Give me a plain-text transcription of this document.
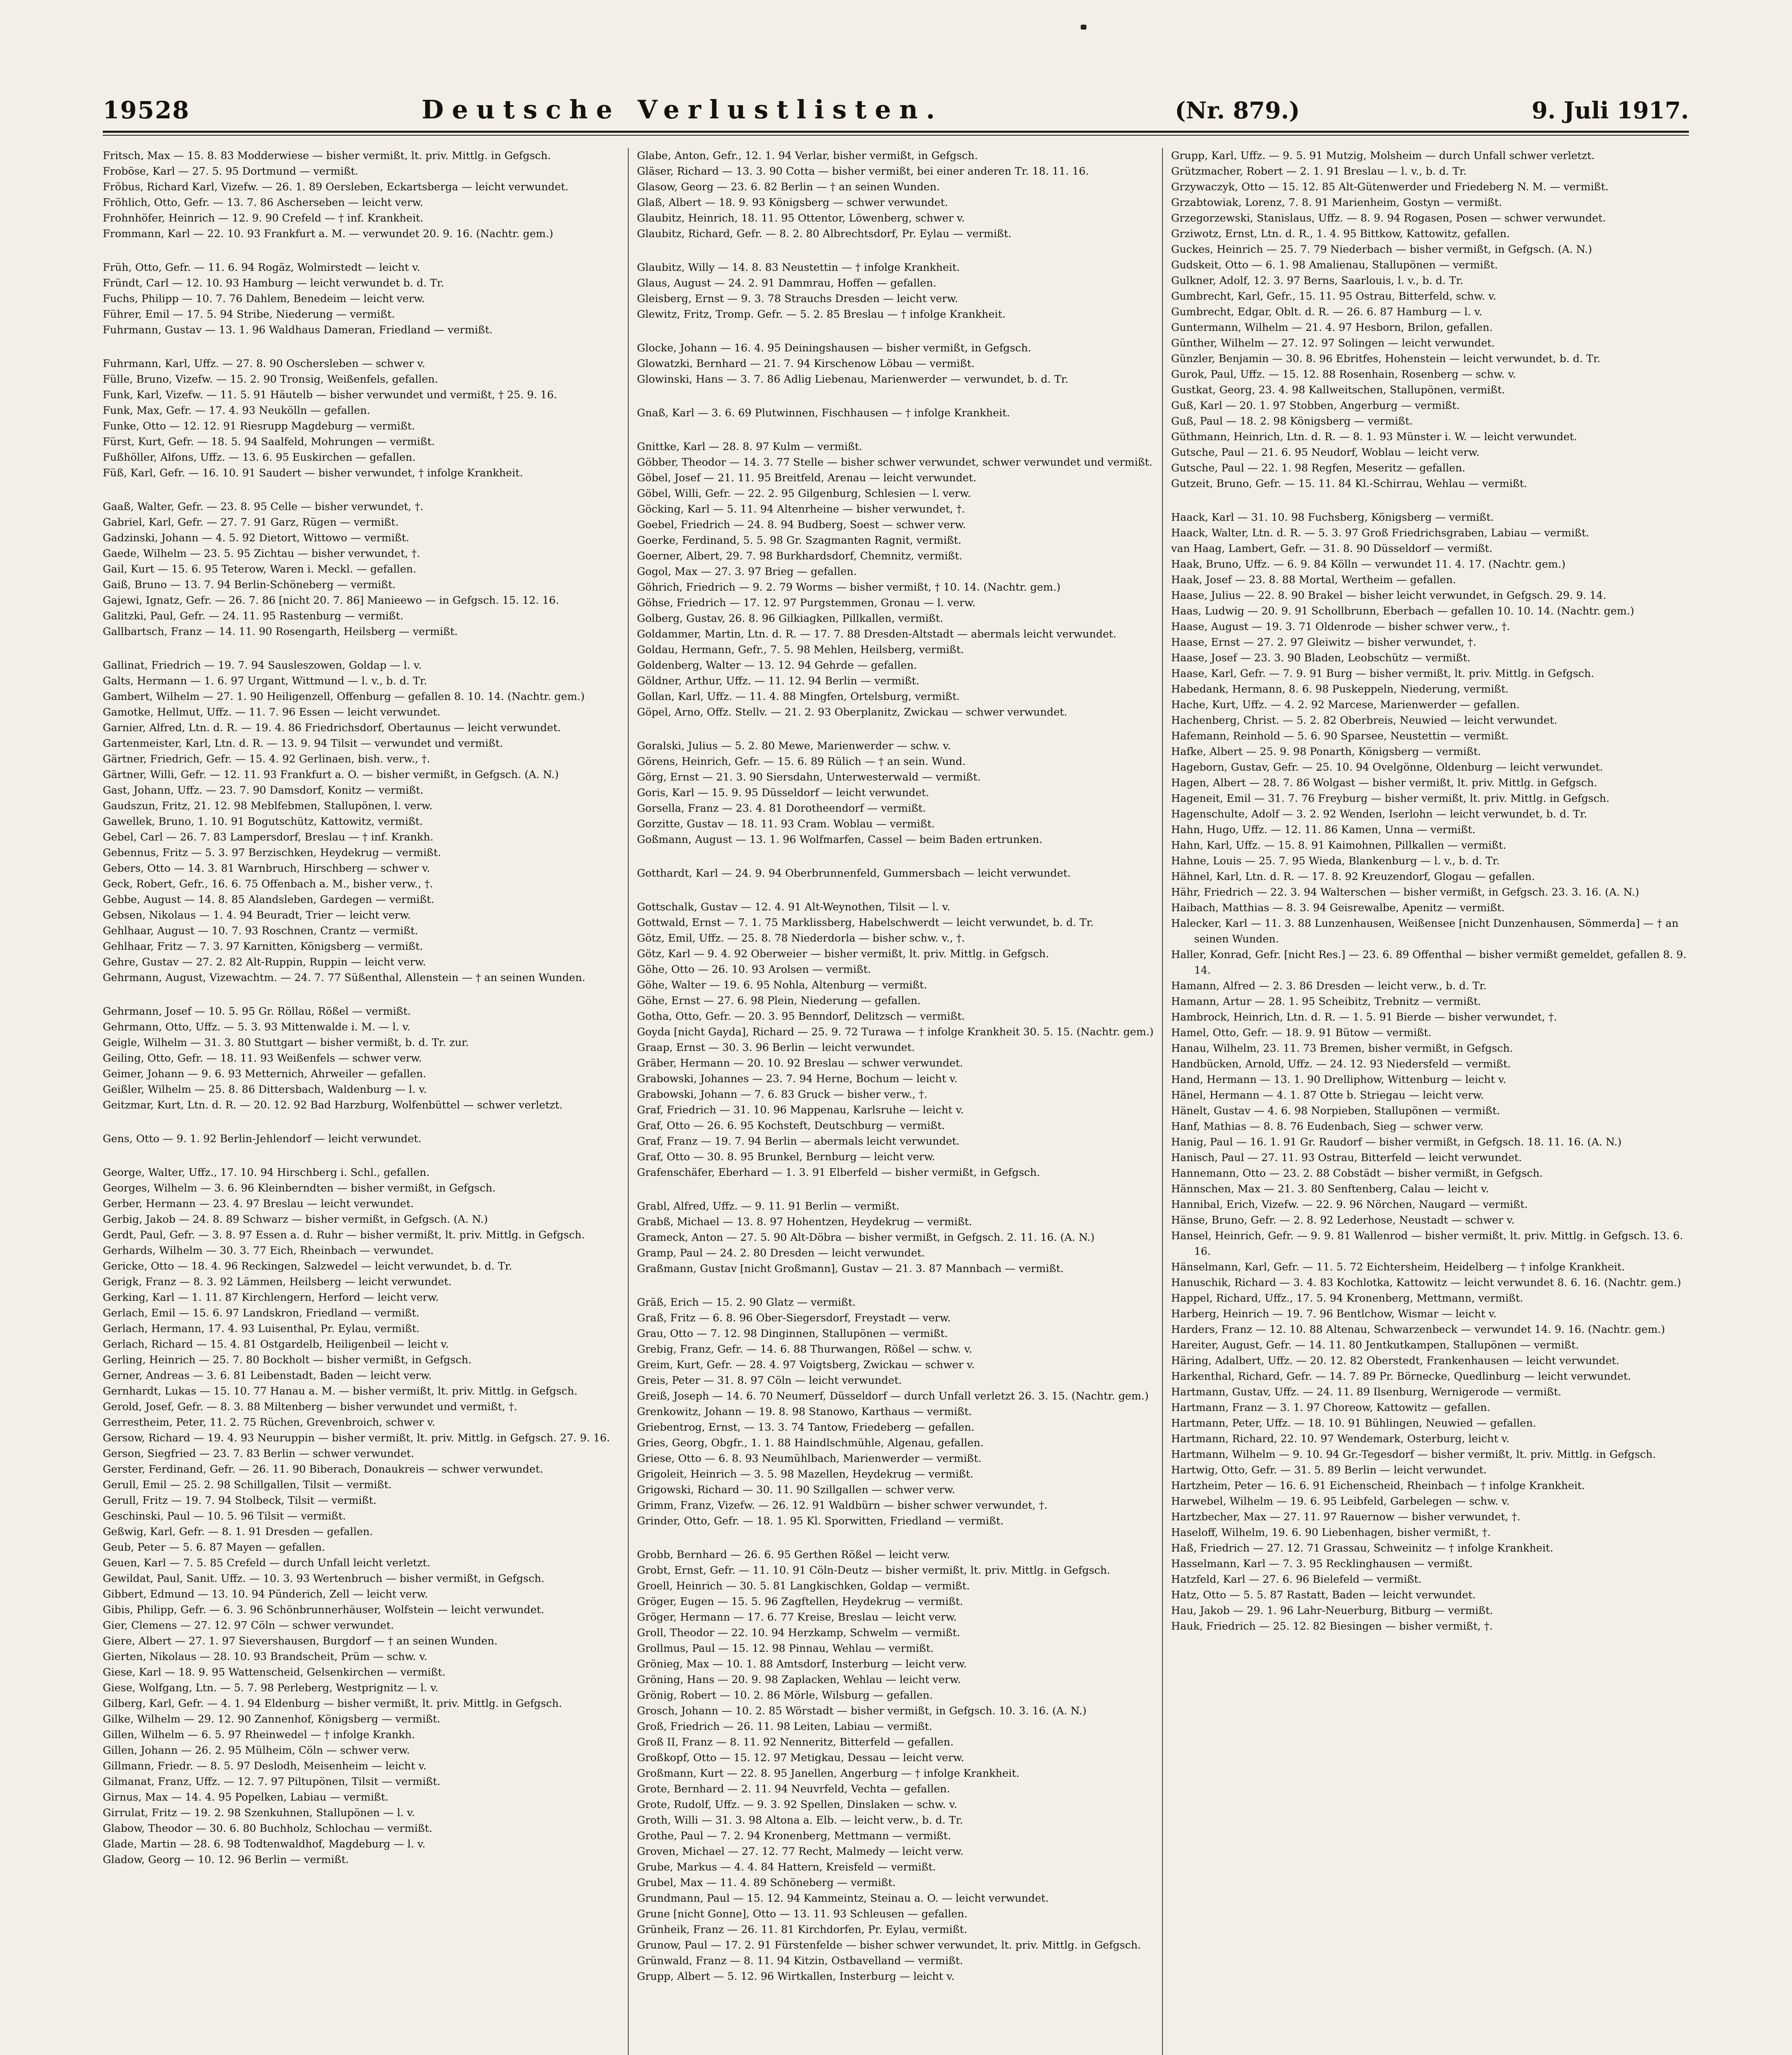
19528	Deutsche Verlustlisten.	(Nr. 879.)	9. Juli 1917.

Fritsch, Max — 15. 8. 83 Modderwiese — bisher vermißt, lt. priv. Mittlg. in Gefgsch.

Froböse, Karl — 27. 5. 95 Dortmund — vermißt.

Fröbus, Richard Karl, Vizefw. — 26. 1. 89 Oersleben, Eckartsberga — leicht verwundet.

Fröhlich, Otto, Gefr. — 13. 7. 86 Ascherseben — leicht verw.

Frohnhöfer, Heinrich — 12. 9. 90 Crefeld — † inf. Krankheit.

Frommann, Karl — 22. 10. 93 Frankfurt a. M. — verwundet 20. 9. 16. (Nachtr. gem.)

Früh, Otto, Gefr. — 11. 6. 94 Rogäz, Wolmirstedt — leicht v.

Fründt, Carl — 12. 10. 93 Hamburg — leicht verwundet b. d. Tr.

Fuchs, Philipp — 10. 7. 76 Dahlem, Benedeim — leicht verw.

Führer, Emil — 17. 5. 94 Stribe, Niederung — vermißt.

Fuhrmann, Gustav — 13. 1. 96 Waldhaus Dameran, Friedland — vermißt.

Fuhrmann, Karl, Uffz. — 27. 8. 90 Oschersleben — schwer v.

Fülle, Bruno, Vizefw. — 15. 2. 90 Tronsig, Weißenfels, gefallen.

Funk, Karl, Vizefw. — 11. 5. 91 Häutelb — bisher verwundet und vermißt, † 25. 9. 16.

Funk, Max, Gefr. — 17. 4. 93 Neukölln — gefallen.

Funke, Otto — 12. 12. 91 Riesrupp Magdeburg — vermißt.

Fürst, Kurt, Gefr. — 18. 5. 94 Saalfeld, Mohrungen — vermißt.

Fußhöller, Alfons, Uffz. — 13. 6. 95 Euskirchen — gefallen.

Füß, Karl, Gefr. — 16. 10. 91 Saudert — bisher verwundet, † infolge Krankheit.

Gaaß, Walter, Gefr. — 23. 8. 95 Celle — bisher verwundet, †.

Gabriel, Karl, Gefr. — 27. 7. 91 Garz, Rügen — vermißt.

Gadzinski, Johann — 4. 5. 92 Dietort, Wittowo — vermißt.

Gaede, Wilhelm — 23. 5. 95 Zichtau — bisher verwundet, †.

Gail, Kurt — 15. 6. 95 Teterow, Waren i. Meckl. — gefallen.

Gaiß, Bruno — 13. 7. 94 Berlin-Schöneberg — vermißt.

Gajewi, Ignatz, Gefr. — 26. 7. 86 [nicht 20. 7. 86] Manieewo — in Gefgsch. 15. 12. 16.

Galitzki, Paul, Gefr. — 24. 11. 95 Rastenburg — vermißt.

Gallbartsch, Franz — 14. 11. 90 Rosengarth, Heilsberg — vermißt.

Gallinat, Friedrich — 19. 7. 94 Sausleszowen, Goldap — l. v.

Galts, Hermann — 1. 6. 97 Urgant, Wittmund — l. v., b. d. Tr.

Gambert, Wilhelm — 27. 1. 90 Heiligenzell, Offenburg — gefallen 8. 10. 14. (Nachtr. gem.)

Gamotke, Hellmut, Uffz. — 11. 7. 96 Essen — leicht verwundet.

Garnier, Alfred, Ltn. d. R. — 19. 4. 86 Friedrichsdorf, Obertaunus — leicht verwundet.

Gartenmeister, Karl, Ltn. d. R. — 13. 9. 94 Tilsit — verwundet und vermißt.

Gärtner, Friedrich, Gefr. — 15. 4. 92 Gerlinaen, bish. verw., †.

Gärtner, Willi, Gefr. — 12. 11. 93 Frankfurt a. O. — bisher vermißt, in Gefgsch. (A. N.)

Gast, Johann, Uffz. — 23. 7. 90 Damsdorf, Konitz — vermißt.

Gaudszun, Fritz, 21. 12. 98 Meblfebmen, Stallupönen, l. verw.

Gawellek, Bruno, 1. 10. 91 Bogutschütz, Kattowitz, vermißt.

Gebel, Carl — 26. 7. 83 Lampersdorf, Breslau — † inf. Krankh.

Gebennus, Fritz — 5. 3. 97 Berzischken, Heydekrug — vermißt.

Gebers, Otto — 14. 3. 81 Warnbruch, Hirschberg — schwer v.

Geck, Robert, Gefr., 16. 6. 75 Offenbach a. M., bisher verw., †.

Gebbe, August — 14. 8. 85 Alandsleben, Gardegen — vermißt.

Gebsen, Nikolaus — 1. 4. 94 Beuradt, Trier — leicht verw.

Gehlhaar, August — 10. 7. 93 Roschnen, Crantz — vermißt.

Gehlhaar, Fritz — 7. 3. 97 Karnitten, Königsberg — vermißt.

Gehre, Gustav — 27. 2. 82 Alt-Ruppin, Ruppin — leicht verw.

Gehrmann, August, Vizewachtm. — 24. 7. 77 Süßenthal, Allenstein — † an seinen Wunden.

Gehrmann, Josef — 10. 5. 95 Gr. Röllau, Rößel — vermißt.

Gehrmann, Otto, Uffz. — 5. 3. 93 Mittenwalde i. M. — l. v.

Geigle, Wilhelm — 31. 3. 80 Stuttgart — bisher vermißt, b. d. Tr. zur.

Geiling, Otto, Gefr. — 18. 11. 93 Weißenfels — schwer verw.

Geimer, Johann — 9. 6. 93 Metternich, Ahrweiler — gefallen.

Geißler, Wilhelm — 25. 8. 86 Dittersbach, Waldenburg — l. v.

Geitzmar, Kurt, Ltn. d. R. — 20. 12. 92 Bad Harzburg, Wolfenbüttel — schwer verletzt.

Gens, Otto — 9. 1. 92 Berlin-Jehlendorf — leicht verwundet.

George, Walter, Uffz., 17. 10. 94 Hirschberg i. Schl., gefallen.

Georges, Wilhelm — 3. 6. 96 Kleinberndten — bisher vermißt, in Gefgsch.

Gerber, Hermann — 23. 4. 97 Breslau — leicht verwundet.

Gerbig, Jakob — 24. 8. 89 Schwarz — bisher vermißt, in Gefgsch. (A. N.)

Gerdt, Paul, Gefr. — 3. 8. 97 Essen a. d. Ruhr — bisher vermißt, lt. priv. Mittlg. in Gefgsch.

Gerhards, Wilhelm — 30. 3. 77 Eich, Rheinbach — verwundet.

Gericke, Otto — 18. 4. 96 Reckingen, Salzwedel — leicht verwundet, b. d. Tr.

Gerigk, Franz — 8. 3. 92 Lämmen, Heilsberg — leicht verwundet.

Gerking, Karl — 1. 11. 87 Kirchlengern, Herford — leicht verw.

Gerlach, Emil — 15. 6. 97 Landskron, Friedland — vermißt.

Gerlach, Hermann, 17. 4. 93 Luisenthal, Pr. Eylau, vermißt.

Gerlach, Richard — 15. 4. 81 Ostgardelb, Heiligenbeil — leicht v.

Gerling, Heinrich — 25. 7. 80 Bockholt — bisher vermißt, in Gefgsch.

Gerner, Andreas — 3. 6. 81 Leibenstadt, Baden — leicht verw.

Gernhardt, Lukas — 15. 10. 77 Hanau a. M. — bisher vermißt, lt. priv. Mittlg. in Gefgsch.

Gerold, Josef, Gefr. — 8. 3. 88 Miltenberg — bisher verwundet und vermißt, †.

Gerrestheim, Peter, 11. 2. 75 Rüchen, Grevenbroich, schwer v.

Gersow, Richard — 19. 4. 93 Neuruppin — bisher vermißt, lt. priv. Mittlg. in Gefgsch. 27. 9. 16.

Gerson, Siegfried — 23. 7. 83 Berlin — schwer verwundet.

Gerster, Ferdinand, Gefr. — 26. 11. 90 Biberach, Donaukreis — schwer verwundet.

Gerull, Emil — 25. 2. 98 Schillgallen, Tilsit — vermißt.

Gerull, Fritz — 19. 7. 94 Stolbeck, Tilsit — vermißt.

Geschinski, Paul — 10. 5. 96 Tilsit — vermißt.

Geßwig, Karl, Gefr. — 8. 1. 91 Dresden — gefallen.

Geub, Peter — 5. 6. 87 Mayen — gefallen.

Geuen, Karl — 7. 5. 85 Crefeld — durch Unfall leicht verletzt.

Gewildat, Paul, Sanit. Uffz. — 10. 3. 93 Wertenbruch — bisher vermißt, in Gefgsch.

Gibbert, Edmund — 13. 10. 94 Pünderich, Zell — leicht verw.

Gibis, Philipp, Gefr. — 6. 3. 96 Schönbrunnerhäuser, Wolfstein — leicht verwundet.

Gier, Clemens — 27. 12. 97 Cöln — schwer verwundet.

Giere, Albert — 27. 1. 97 Sievershausen, Burgdorf — † an seinen Wunden.

Gierten, Nikolaus — 28. 10. 93 Brandscheit, Prüm — schw. v.

Giese, Karl — 18. 9. 95 Wattenscheid, Gelsenkirchen — vermißt.

Giese, Wolfgang, Ltn. — 5. 7. 98 Perleberg, Westprignitz — l. v.

Gilberg, Karl, Gefr. — 4. 1. 94 Eldenburg — bisher vermißt, lt. priv. Mittlg. in Gefgsch.

Gilke, Wilhelm — 29. 12. 90 Zannenhof, Königsberg — vermißt.

Gillen, Wilhelm — 6. 5. 97 Rheinwedel — † infolge Krankh.

Gillen, Johann — 26. 2. 95 Mülheim, Cöln — schwer verw.

Gillmann, Friedr. — 8. 5. 97 Deslodh, Meisenheim — leicht v.

Gilmanat, Franz, Uffz. — 12. 7. 97 Piltupönen, Tilsit — vermißt.

Girnus, Max — 14. 4. 95 Popelken, Labiau — vermißt.

Girrulat, Fritz — 19. 2. 98 Szenkuhnen, Stallupönen — l. v.

Glabow, Theodor — 30. 6. 80 Buchholz, Schlochau — vermißt.

Glade, Martin — 28. 6. 98 Todtenwaldhof, Magdeburg — l. v.

Gladow, Georg — 10. 12. 96 Berlin — vermißt.

Glabe, Anton, Gefr., 12. 1. 94 Verlar, bisher vermißt, in Gefgsch.

Gläser, Richard — 13. 3. 90 Cotta — bisher vermißt, bei einer anderen Tr. 18. 11. 16.

Glasow, Georg — 23. 6. 82 Berlin — † an seinen Wunden.

Glaß, Albert — 18. 9. 93 Königsberg — schwer verwundet.

Glaubitz, Heinrich, 18. 11. 95 Ottentor, Löwenberg, schwer v.

Glaubitz, Richard, Gefr. — 8. 2. 80 Albrechtsdorf, Pr. Eylau — vermißt.

Glaubitz, Willy — 14. 8. 83 Neustettin — † infolge Krankheit.

Glaus, August — 24. 2. 91 Dammrau, Hoffen — gefallen.

Gleisberg, Ernst — 9. 3. 78 Strauchs Dresden — leicht verw.

Glewitz, Fritz, Tromp. Gefr. — 5. 2. 85 Breslau — † infolge Krankheit.

Glocke, Johann — 16. 4. 95 Deiningshausen — bisher vermißt, in Gefgsch.

Glowatzki, Bernhard — 21. 7. 94 Kirschenow Löbau — vermißt.

Glowinski, Hans — 3. 7. 86 Adlig Liebenau, Marienwerder — verwundet, b. d. Tr.

Gnaß, Karl — 3. 6. 69 Plutwinnen, Fischhausen — † infolge Krankheit.

Gnittke, Karl — 28. 8. 97 Kulm — vermißt.

Göbber, Theodor — 14. 3. 77 Stelle — bisher schwer verwundet, schwer verwundet und vermißt.

Göbel, Josef — 21. 11. 95 Breitfeld, Arenau — leicht verwundet.

Göbel, Willi, Gefr. — 22. 2. 95 Gilgenburg, Schlesien — l. verw.

Göcking, Karl — 5. 11. 94 Altenrheine — bisher verwundet, †.

Goebel, Friedrich — 24. 8. 94 Budberg, Soest — schwer verw.

Goerke, Ferdinand, 5. 5. 98 Gr. Szagmanten Ragnit, vermißt.

Goerner, Albert, 29. 7. 98 Burkhardsdorf, Chemnitz, vermißt.

Gogol, Max — 27. 3. 97 Brieg — gefallen.

Göhrich, Friedrich — 9. 2. 79 Worms — bisher vermißt, † 10. 14. (Nachtr. gem.)

Göhse, Friedrich — 17. 12. 97 Purgstemmen, Gronau — l. verw.

Golberg, Gustav, 26. 8. 96 Gilkiagken, Pillkallen, vermißt.

Goldammer, Martin, Ltn. d. R. — 17. 7. 88 Dresden-Altstadt — abermals leicht verwundet.

Goldau, Hermann, Gefr., 7. 5. 98 Mehlen, Heilsberg, vermißt.

Goldenberg, Walter — 13. 12. 94 Gehrde — gefallen.

Göldner, Arthur, Uffz. — 11. 12. 94 Berlin — vermißt.

Gollan, Karl, Uffz. — 11. 4. 88 Mingfen, Ortelsburg, vermißt.

Göpel, Arno, Offz. Stellv. — 21. 2. 93 Oberplanitz, Zwickau — schwer verwundet.

Goralski, Julius — 5. 2. 80 Mewe, Marienwerder — schw. v.

Görens, Heinrich, Gefr. — 15. 6. 89 Rülich — † an sein. Wund.

Görg, Ernst — 21. 3. 90 Siersdahn, Unterwesterwald — vermißt.

Goris, Karl — 15. 9. 95 Düsseldorf — leicht verwundet.

Gorsella, Franz — 23. 4. 81 Dorotheendorf — vermißt.

Gorzitte, Gustav — 18. 11. 93 Cram. Woblau — vermißt.

Goßmann, August — 13. 1. 96 Wolfmarfen, Cassel — beim Baden ertrunken.

Gotthardt, Karl — 24. 9. 94 Oberbrunnenfeld, Gummersbach — leicht verwundet.

Gottschalk, Gustav — 12. 4. 91 Alt-Weynothen, Tilsit — l. v.

Gottwald, Ernst — 7. 1. 75 Marklissberg, Habelschwerdt — leicht verwundet, b. d. Tr.

Götz, Emil, Uffz. — 25. 8. 78 Niederdorla — bisher schw. v., †.

Götz, Karl — 9. 4. 92 Oberweier — bisher vermißt, lt. priv. Mittlg. in Gefgsch.

Göhe, Otto — 26. 10. 93 Arolsen — vermißt.

Göhe, Walter — 19. 6. 95 Nohla, Altenburg — vermißt.

Göhe, Ernst — 27. 6. 98 Plein, Niederung — gefallen.

Gotha, Otto, Gefr. — 20. 3. 95 Benndorf, Delitzsch — vermißt.

Goyda [nicht Gayda], Richard — 25. 9. 72 Turawa — † infolge Krankheit 30. 5. 15. (Nachtr. gem.)

Graap, Ernst — 30. 3. 96 Berlin — leicht verwundet.

Gräber, Hermann — 20. 10. 92 Breslau — schwer verwundet.

Grabowski, Johannes — 23. 7. 94 Herne, Bochum — leicht v.

Grabowski, Johann — 7. 6. 83 Gruck — bisher verw., †.

Graf, Friedrich — 31. 10. 96 Mappenau, Karlsruhe — leicht v.

Graf, Otto — 26. 6. 95 Kochsteft, Deutschburg — vermißt.

Graf, Franz — 19. 7. 94 Berlin — abermals leicht verwundet.

Graf, Otto — 30. 8. 95 Brunkel, Bernburg — leicht verw.

Grafenschäfer, Eberhard — 1. 3. 91 Elberfeld — bisher vermißt, in Gefgsch.

Grabl, Alfred, Uffz. — 9. 11. 91 Berlin — vermißt.

Grabß, Michael — 13. 8. 97 Hohentzen, Heydekrug — vermißt.

Grameck, Anton — 27. 5. 90 Alt-Döbra — bisher vermißt, in Gefgsch. 2. 11. 16. (A. N.)

Gramp, Paul — 24. 2. 80 Dresden — leicht verwundet.

Graßmann, Gustav [nicht Großmann], Gustav — 21. 3. 87 Mannbach — vermißt.

Gräß, Erich — 15. 2. 90 Glatz — vermißt.

Graß, Fritz — 6. 8. 96 Ober-Siegersdorf, Freystadt — verw.

Grau, Otto — 7. 12. 98 Dinginnen, Stallupönen — vermißt.

Grebig, Franz, Gefr. — 14. 6. 88 Thurwangen, Rößel — schw. v.

Greim, Kurt, Gefr. — 28. 4. 97 Voigtsberg, Zwickau — schwer v.

Greis, Peter — 31. 8. 97 Cöln — leicht verwundet.

Greiß, Joseph — 14. 6. 70 Neumerf, Düsseldorf — durch Unfall verletzt 26. 3. 15. (Nachtr. gem.)

Grenkowitz, Johann — 19. 8. 98 Stanowo, Karthaus — vermißt.

Griebentrog, Ernst, — 13. 3. 74 Tantow, Friedeberg — gefallen.

Gries, Georg, Obgfr., 1. 1. 88 Haindlschmühle, Algenau, gefallen.

Griese, Otto — 6. 8. 93 Neumühlbach, Marienwerder — vermißt.

Grigoleit, Heinrich — 3. 5. 98 Mazellen, Heydekrug — vermißt.

Grigowski, Richard — 30. 11. 90 Szillgallen — schwer verw.

Grimm, Franz, Vizefw. — 26. 12. 91 Waldbürn — bisher schwer verwundet, †.

Grinder, Otto, Gefr. — 18. 1. 95 Kl. Sporwitten, Friedland — vermißt.

Grobb, Bernhard — 26. 6. 95 Gerthen Rößel — leicht verw.

Grobt, Ernst, Gefr. — 11. 10. 91 Cöln-Deutz — bisher vermißt, lt. priv. Mittlg. in Gefgsch.

Groell, Heinrich — 30. 5. 81 Langkischken, Goldap — vermißt.

Gröger, Eugen — 15. 5. 96 Zagftellen, Heydekrug — vermißt.

Gröger, Hermann — 17. 6. 77 Kreise, Breslau — leicht verw.

Groll, Theodor — 22. 10. 94 Herzkamp, Schwelm — vermißt.

Grollmus, Paul — 15. 12. 98 Pinnau, Wehlau — vermißt.

Grönieg, Max — 10. 1. 88 Amtsdorf, Insterburg — leicht verw.

Gröning, Hans — 20. 9. 98 Zaplacken, Wehlau — leicht verw.

Grönig, Robert — 10. 2. 86 Mörle, Wilsburg — gefallen.

Grosch, Johann — 10. 2. 85 Wörstadt — bisher vermißt, in Gefgsch. 10. 3. 16. (A. N.)

Groß, Friedrich — 26. 11. 98 Leiten, Labiau — vermißt.

Groß II, Franz — 8. 11. 92 Nenneritz, Bitterfeld — gefallen.

Großkopf, Otto — 15. 12. 97 Metigkau, Dessau — leicht verw.

Großmann, Kurt — 22. 8. 95 Janellen, Angerburg — † infolge Krankheit.

Grote, Bernhard — 2. 11. 94 Neuvrfeld, Vechta — gefallen.

Grote, Rudolf, Uffz. — 9. 3. 92 Spellen, Dinslaken — schw. v.

Groth, Willi — 31. 3. 98 Altona a. Elb. — leicht verw., b. d. Tr.

Grothe, Paul — 7. 2. 94 Kronenberg, Mettmann — vermißt.

Groven, Michael — 27. 12. 77 Recht, Malmedy — leicht verw.

Grube, Markus — 4. 4. 84 Hattern, Kreisfeld — vermißt.

Grubel, Max — 11. 4. 89 Schöneberg — vermißt.

Grundmann, Paul — 15. 12. 94 Kammeintz, Steinau a. O. — leicht verwundet.

Grune [nicht Gonne], Otto — 13. 11. 93 Schleusen — gefallen.

Grünheik, Franz — 26. 11. 81 Kirchdorfen, Pr. Eylau, vermißt.

Grunow, Paul — 17. 2. 91 Fürstenfelde — bisher schwer verwundet, lt. priv. Mittlg. in Gefgsch.

Grünwald, Franz — 8. 11. 94 Kitzin, Ostbavelland — vermißt.

Grupp, Albert — 5. 12. 96 Wirtkallen, Insterburg — leicht v.

Grupp, Karl, Uffz. — 9. 5. 91 Mutzig, Molsheim — durch Unfall schwer verletzt.

Grützmacher, Robert — 2. 1. 91 Breslau — l. v., b. d. Tr.

Grzywaczyk, Otto — 15. 12. 85 Alt-Gütenwerder und Friedeberg N. M. — vermißt.

Grzabtowiak, Lorenz, 7. 8. 91 Marienheim, Gostyn — vermißt.

Grzegorzewski, Stanislaus, Uffz. — 8. 9. 94 Rogasen, Posen — schwer verwundet.

Grziwotz, Ernst, Ltn. d. R., 1. 4. 95 Bittkow, Kattowitz, gefallen.

Guckes, Heinrich — 25. 7. 79 Niederbach — bisher vermißt, in Gefgsch. (A. N.)

Gudskeit, Otto — 6. 1. 98 Amalienau, Stallupönen — vermißt.

Gulkner, Adolf, 12. 3. 97 Berns, Saarlouis, l. v., b. d. Tr.

Gumbrecht, Karl, Gefr., 15. 11. 95 Ostrau, Bitterfeld, schw. v.

Gumbrecht, Edgar, Oblt. d. R. — 26. 6. 87 Hamburg — l. v.

Guntermann, Wilhelm — 21. 4. 97 Hesborn, Brilon, gefallen.

Günther, Wilhelm — 27. 12. 97 Solingen — leicht verwundet.

Günzler, Benjamin — 30. 8. 96 Ebritfes, Hohenstein — leicht verwundet, b. d. Tr.

Gurok, Paul, Uffz. — 15. 12. 88 Rosenhain, Rosenberg — schw. v.

Gustkat, Georg, 23. 4. 98 Kallweitschen, Stallupönen, vermißt.

Guß, Karl — 20. 1. 97 Stobben, Angerburg — vermißt.

Guß, Paul — 18. 2. 98 Königsberg — vermißt.

Güthmann, Heinrich, Ltn. d. R. — 8. 1. 93 Münster i. W. — leicht verwundet.

Gutsche, Paul — 21. 6. 95 Neudorf, Woblau — leicht verw.

Gutsche, Paul — 22. 1. 98 Regfen, Meseritz — gefallen.

Gutzeit, Bruno, Gefr. — 15. 11. 84 Kl.-Schirrau, Wehlau — vermißt.

Haack, Karl — 31. 10. 98 Fuchsberg, Königsberg — vermißt.

Haack, Walter, Ltn. d. R. — 5. 3. 97 Groß Friedrichsgraben, Labiau — vermißt.

van Haag, Lambert, Gefr. — 31. 8. 90 Düsseldorf — vermißt.

Haak, Bruno, Uffz. — 6. 9. 84 Kölln — verwundet 11. 4. 17. (Nachtr. gem.)

Haak, Josef — 23. 8. 88 Mortal, Wertheim — gefallen.

Haase, Julius — 22. 8. 90 Brakel — bisher leicht verwundet, in Gefgsch. 29. 9. 14.

Haas, Ludwig — 20. 9. 91 Schollbrunn, Eberbach — gefallen 10. 10. 14. (Nachtr. gem.)

Haase, August — 19. 3. 71 Oldenrode — bisher schwer verw., †.

Haase, Ernst — 27. 2. 97 Gleiwitz — bisher verwundet, †.

Haase, Josef — 23. 3. 90 Bladen, Leobschütz — vermißt.

Haase, Karl, Gefr. — 7. 9. 91 Burg — bisher vermißt, lt. priv. Mittlg. in Gefgsch.

Habedank, Hermann, 8. 6. 98 Puskeppeln, Niederung, vermißt.

Hache, Kurt, Uffz. — 4. 2. 92 Marcese, Marienwerder — gefallen.

Hachenberg, Christ. — 5. 2. 82 Oberbreis, Neuwied — leicht verwundet.

Hafemann, Reinhold — 5. 6. 90 Sparsee, Neustettin — vermißt.

Hafke, Albert — 25. 9. 98 Ponarth, Königsberg — vermißt.

Hageborn, Gustav, Gefr. — 25. 10. 94 Ovelgönne, Oldenburg — leicht verwundet.

Hagen, Albert — 28. 7. 86 Wolgast — bisher vermißt, lt. priv. Mittlg. in Gefgsch.

Hageneit, Emil — 31. 7. 76 Freyburg — bisher vermißt, lt. priv. Mittlg. in Gefgsch.

Hagenschulte, Adolf — 3. 2. 92 Wenden, Iserlohn — leicht verwundet, b. d. Tr.

Hahn, Hugo, Uffz. — 12. 11. 86 Kamen, Unna — vermißt.

Hahn, Karl, Uffz. — 15. 8. 91 Kaimohnen, Pillkallen — vermißt.

Hahne, Louis — 25. 7. 95 Wieda, Blankenburg — l. v., b. d. Tr.

Hähnel, Karl, Ltn. d. R. — 17. 8. 92 Kreuzendorf, Glogau — gefallen.

Hähr, Friedrich — 22. 3. 94 Walterschen — bisher vermißt, in Gefgsch. 23. 3. 16. (A. N.)

Haibach, Matthias — 8. 3. 94 Geisrewalbe, Apenitz — vermißt.

Halecker, Karl — 11. 3. 88 Lunzenhausen, Weißensee [nicht Dunzenhausen, Sömmerda] — † an seinen Wunden.

Haller, Konrad, Gefr. [nicht Res.] — 23. 6. 89 Offenthal — bisher vermißt gemeldet, gefallen 8. 9. 14.

Hamann, Alfred — 2. 3. 86 Dresden — leicht verw., b. d. Tr.

Hamann, Artur — 28. 1. 95 Scheibitz, Trebnitz — vermißt.

Hambrock, Heinrich, Ltn. d. R. — 1. 5. 91 Bierde — bisher verwundet, †.

Hamel, Otto, Gefr. — 18. 9. 91 Bütow — vermißt.

Hanau, Wilhelm, 23. 11. 73 Bremen, bisher vermißt, in Gefgsch.

Handbücken, Arnold, Uffz. — 24. 12. 93 Niedersfeld — vermißt.

Hand, Hermann — 13. 1. 90 Drelliphow, Wittenburg — leicht v.

Hänel, Hermann — 4. 1. 87 Otte b. Striegau — leicht verw.

Hänelt, Gustav — 4. 6. 98 Norpieben, Stallupönen — vermißt.

Hanf, Mathias — 8. 8. 76 Eudenbach, Sieg — schwer verw.

Hanig, Paul — 16. 1. 91 Gr. Raudorf — bisher vermißt, in Gefgsch. 18. 11. 16. (A. N.)

Hanisch, Paul — 27. 11. 93 Ostrau, Bitterfeld — leicht verwundet.

Hannemann, Otto — 23. 2. 88 Cobstädt — bisher vermißt, in Gefgsch.

Hännschen, Max — 21. 3. 80 Senftenberg, Calau — leicht v.

Hannibal, Erich, Vizefw. — 22. 9. 96 Nörchen, Naugard — vermißt.

Hänse, Bruno, Gefr. — 2. 8. 92 Lederhose, Neustadt — schwer v.

Hansel, Heinrich, Gefr. — 9. 9. 81 Wallenrod — bisher vermißt, lt. priv. Mittlg. in Gefgsch. 13. 6. 16.

Hänselmann, Karl, Gefr. — 11. 5. 72 Eichtersheim, Heidelberg — † infolge Krankheit.

Hanuschik, Richard — 3. 4. 83 Kochlotka, Kattowitz — leicht verwundet 8. 6. 16. (Nachtr. gem.)

Happel, Richard, Uffz., 17. 5. 94 Kronenberg, Mettmann, vermißt.

Harberg, Heinrich — 19. 7. 96 Bentlchow, Wismar — leicht v.

Harders, Franz — 12. 10. 88 Altenau, Schwarzenbeck — verwundet 14. 9. 16. (Nachtr. gem.)

Hareiter, August, Gefr. — 14. 11. 80 Jentkutkampen, Stallupönen — vermißt.

Häring, Adalbert, Uffz. — 20. 12. 82 Oberstedt, Frankenhausen — leicht verwundet.

Harkenthal, Richard, Gefr. — 14. 7. 89 Pr. Börnecke, Quedlinburg — leicht verwundet.

Hartmann, Gustav, Uffz. — 24. 11. 89 Ilsenburg, Wernigerode — vermißt.

Hartmann, Franz — 3. 1. 97 Choreow, Kattowitz — gefallen.

Hartmann, Peter, Uffz. — 18. 10. 91 Bühlingen, Neuwied — gefallen.

Hartmann, Richard, 22. 10. 97 Wendemark, Osterburg, leicht v.

Hartmann, Wilhelm — 9. 10. 94 Gr.-Tegesdorf — bisher vermißt, lt. priv. Mittlg. in Gefgsch.

Hartwig, Otto, Gefr. — 31. 5. 89 Berlin — leicht verwundet.

Hartzheim, Peter — 16. 6. 91 Eichenscheid, Rheinbach — † infolge Krankheit.

Harwebel, Wilhelm — 19. 6. 95 Leibfeld, Garbelegen — schw. v.

Hartzbecher, Max — 27. 11. 97 Rauernow — bisher verwundet, †.

Haseloff, Wilhelm, 19. 6. 90 Liebenhagen, bisher vermißt, †.

Haß, Friedrich — 27. 12. 71 Grassau, Schweinitz — † infolge Krankheit.

Hasselmann, Karl — 7. 3. 95 Recklinghausen — vermißt.

Hatzfeld, Karl — 27. 6. 96 Bielefeld — vermißt.

Hatz, Otto — 5. 5. 87 Rastatt, Baden — leicht verwundet.

Hau, Jakob — 29. 1. 96 Lahr-Neuerburg, Bitburg — vermißt.

Hauk, Friedrich — 25. 12. 82 Biesingen — bisher vermißt, †.
